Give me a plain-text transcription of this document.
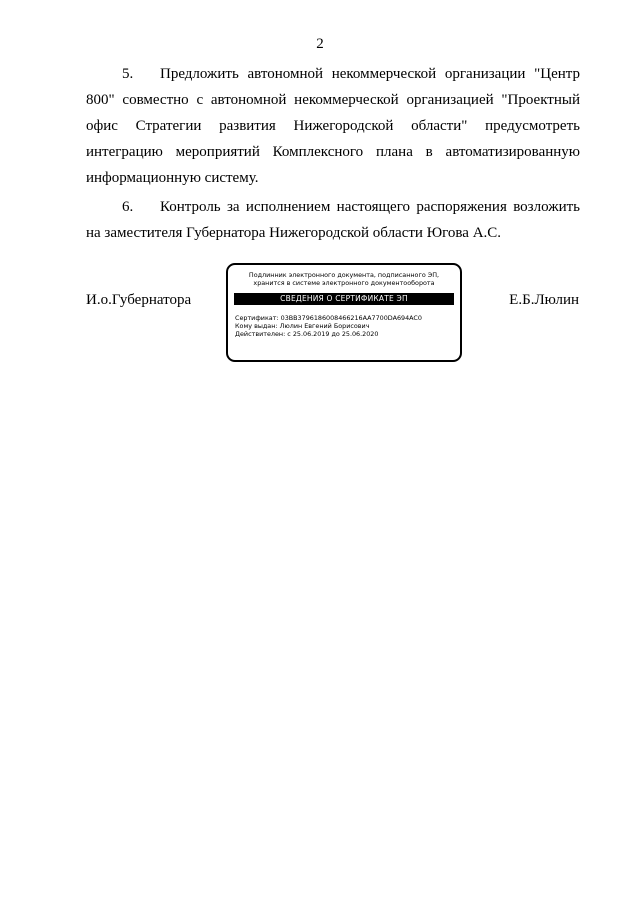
2

5. Предложить автономной некоммерческой организации "Центр 800" совместно с автономной некоммерческой организацией "Проектный офис Стратегии развития Нижегородской области" предусмотреть интеграцию мероприятий Комплексного плана в автоматизированную информационную систему.

6. Контроль за исполнением настоящего распоряжения возложить на заместителя Губернатора Нижегородской области Югова А.С.

И.о.Губернатора
Подлинник электронного документа, подписанного ЭП,
хранится в системе электронного документооборота
СВЕДЕНИЯ О СЕРТИФИКАТЕ ЭП
Сертификат: 03BB3796186008466216AA7700DA694AC0
Кому выдан: Люлин Евгений Борисович
Действителен: с 25.06.2019 до 25.06.2020
Е.Б.Люлин
